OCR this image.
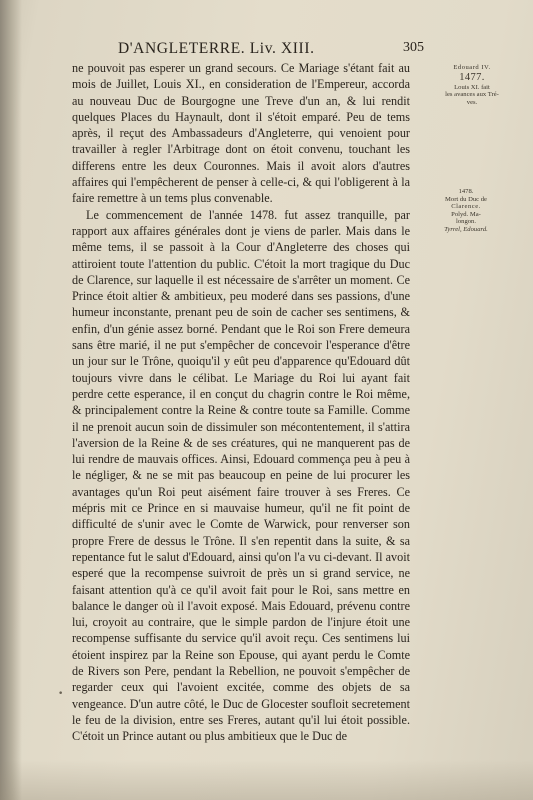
D'ANGLETERRE. Liv. XIII.	305

ne pouvoit pas esperer un grand secours. Ce Mariage s'étant fait au mois de Juillet, Louis XI., en consideration de l'Empereur, accorda au nouveau Duc de Bourgogne une Treve d'un an, & lui rendit quelques Places du Haynault, dont il s'étoit emparé. Peu de tems après, il reçut des Ambassadeurs d'Angleterre, qui venoient pour travailler à regler l'Arbitrage dont on étoit convenu, touchant les differens entre les deux Couronnes. Mais il avoit alors d'autres affaires qui l'empêcherent de penser à celle-ci, & qui l'obligerent à la faire remettre à un tems plus convenable.

Le commencement de l'année 1478. fut assez tranquille, par rapport aux affaires générales dont je viens de parler. Mais dans le même tems, il se passoit à la Cour d'Angleterre des choses qui attiroient toute l'attention du public. C'étoit la mort tragique du Duc de Clarence, sur laquelle il est nécessaire de s'arrêter un moment. Ce Prince étoit altier & ambitieux, peu moderé dans ses passions, d'une humeur inconstante, prenant peu de soin de cacher ses sentimens, & enfin, d'un génie assez borné. Pendant que le Roi son Frere demeura sans être marié, il ne put s'empêcher de concevoir l'esperance d'être un jour sur le Trône, quoiqu'il y eût peu d'apparence qu'Edouard dût toujours vivre dans le célibat. Le Mariage du Roi lui ayant fait perdre cette esperance, il en conçut du chagrin contre le Roi même, & principalement contre la Reine & contre toute sa Famille. Comme il ne prenoit aucun soin de dissimuler son mécontentement, il s'attira l'aversion de la Reine & de ses créatures, qui ne manquerent pas de lui rendre de mauvais offices. Ainsi, Edouard commença peu à peu à le négliger, & ne se mit pas beaucoup en peine de lui procurer les avantages qu'un Roi peut aisément faire trouver à ses Freres. Ce mépris mit ce Prince en si mauvaise humeur, qu'il ne fit point de difficulté de s'unir avec le Comte de Warwick, pour renverser son propre Frere de dessus le Trône. Il s'en repentit dans la suite, & sa repentance fut le salut d'Edouard, ainsi qu'on l'a vu ci-devant. Il avoit esperé que la recompense suivroit de près un si grand service, ne faisant attention qu'à ce qu'il avoit fait pour le Roi, sans mettre en balance le danger où il l'avoit exposé. Mais Edouard, prévenu contre lui, croyoit au contraire, que le simple pardon de l'injure étoit une recompense suffisante du service qu'il avoit reçu. Ces sentimens lui étoient inspirez par la Reine son Epouse, qui ayant perdu le Comte de Rivers son Pere, pendant la Rebellion, ne pouvoit s'empêcher de regarder ceux qui l'avoient excitée, comme des objets de sa vengeance. D'un autre côté, le Duc de Glocester soufloit secretement le feu de la division, entre ses Freres, autant qu'il lui étoit possible. C'étoit un Prince autant ou plus ambitieux que le Duc de

Edouard IV.
1477.
Louis XI. fait
les avances aux Tré-
ves.
1478.
Mort du Duc de
Clarence.
Polyd. Ma-
longon.
Tyrrel, Edouard.
•
